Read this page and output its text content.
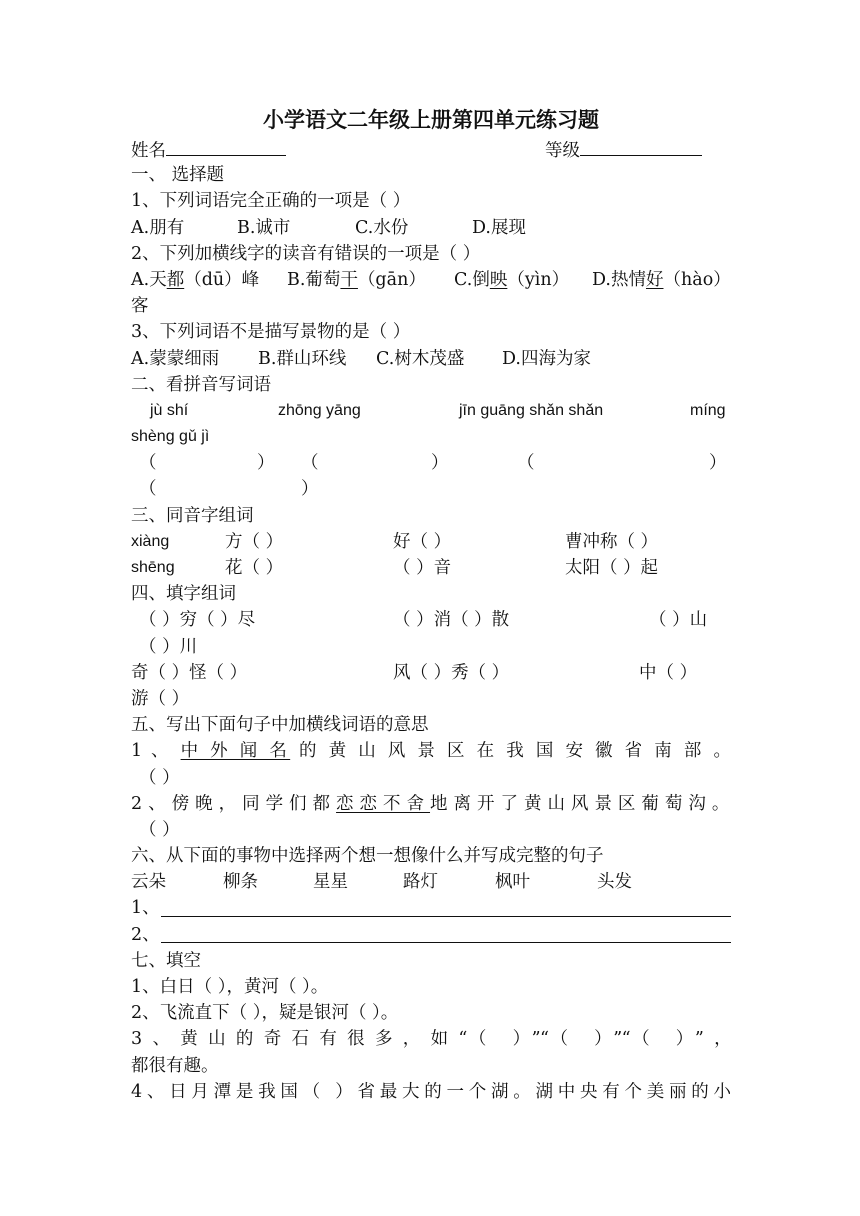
小学语文二年级上册第四单元练习题
姓名	等级
一、 选择题
1、下列词语完全正确的一项是（ ）
A.朋有	B.诚市	C.水份	D.展现
2、下列加横线字的读音有错误的一项是（ ）
A.天都（dū）峰 B.葡萄干（gān） C.倒映（yìn） D.热情好（hào）
客
3、下列词语不是描写景物的是（ ）
A.蒙蒙细雨 B.群山环线 C.树木茂盛 D.四海为家
二、看拼音写词语
jù shí	zhōng yāng	jīn guāng shǎn shǎn	míng
shèng gǔ jì
（	） （	）	（	）
（	）
三、同音字组词
xiàng	方（ ）	好（ ）	曹冲称（ ）
shēng	花（ ）	（ ）音	太阳（ ）起
四、填字组词
（ ）穷（ ）尽	（ ）消（ ）散	（ ）山
（ ）川
奇（ ）怪（ ）	风（ ）秀（ ）	中（ ）
游（ ）
五、写出下面句子中加横线词语的意思
1 、 中 外 闻 名 的 黄 山 风 景 区 在 我 国 安 徽 省 南 部 。
（ ）
2、傍晚，同学们都恋恋不舍地离开了黄山风景区葡萄沟。
（ ）
六、从下面的事物中选择两个想一想像什么并写成完整的句子
云朵	柳条	星星	路灯	枫叶	头发
1、
2、
七、填空
1、白日（ ），黄河（ ）。
2、飞流直下（ ），疑是银河（ ）。
3、黄山的奇石有很多，如“（ ）”“（ ）”“（ ）”，
都很有趣。
4、日月潭是我国（ ）省最大的一个湖。湖中央有个美丽的小
